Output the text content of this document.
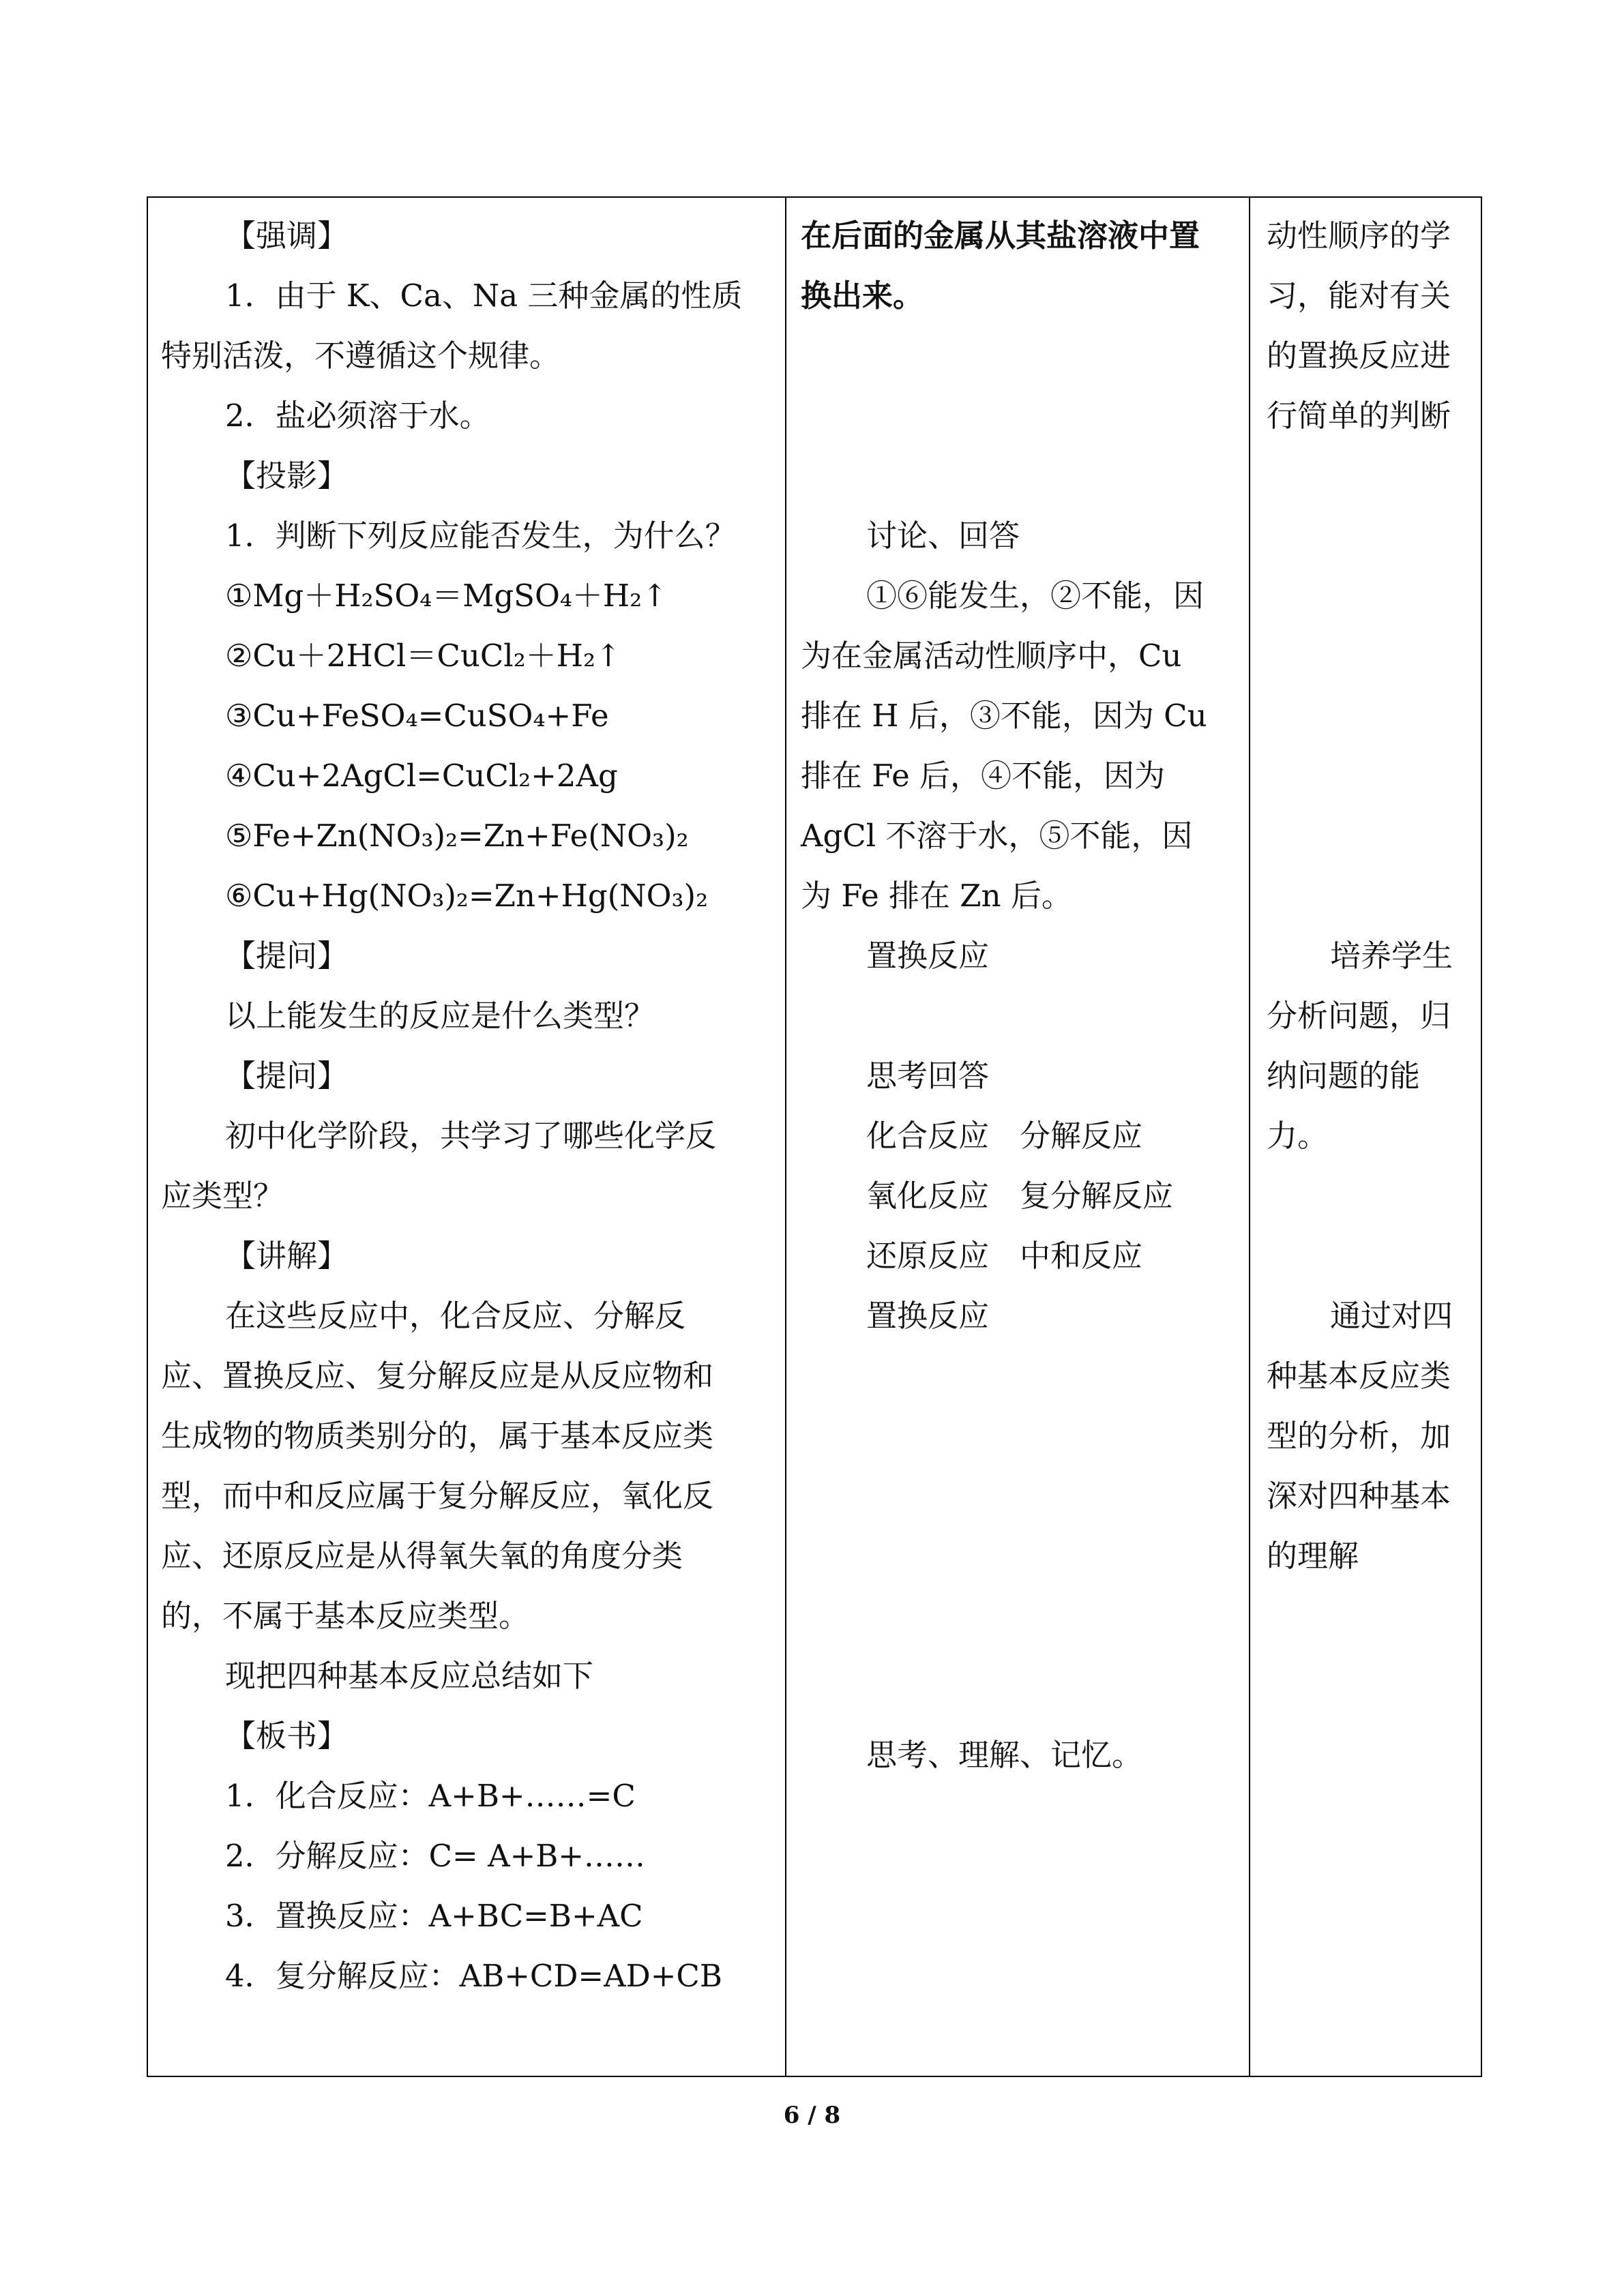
【强调】
1．由于 K、Ca、Na 三种金属的性质
特别活泼，不遵循这个规律。
2．盐必须溶于水。
【投影】
1．判断下列反应能否发生，为什么？
①Mg＋H₂SO₄＝MgSO₄＋H₂↑
②Cu＋2HCl＝CuCl₂＋H₂↑
③Cu+FeSO₄=CuSO₄+Fe
④Cu+2AgCl=CuCl₂+2Ag
⑤Fe+Zn(NO₃)₂=Zn+Fe(NO₃)₂
⑥Cu+Hg(NO₃)₂=Zn+Hg(NO₃)₂
【提问】
以上能发生的反应是什么类型？
【提问】
初中化学阶段，共学习了哪些化学反
应类型？
【讲解】
在这些反应中，化合反应、分解反
应、置换反应、复分解反应是从反应物和
生成物的物质类别分的，属于基本反应类
型，而中和反应属于复分解反应，氧化反
应、还原反应是从得氧失氧的角度分类
的，不属于基本反应类型。
现把四种基本反应总结如下
【板书】
1．化合反应：A+B+……=C
2．分解反应：C= A+B+……
3．置换反应：A+BC=B+AC
4．复分解反应：AB+CD=AD+CB
在后面的金属从其盐溶液中置
换出来。
讨论、回答
①⑥能发生，②不能，因
为在金属活动性顺序中，Cu
排在 H 后，③不能，因为 Cu
排在 Fe 后，④不能，因为
AgCl 不溶于水，⑤不能，因
为 Fe 排在 Zn 后。
置换反应
思考回答
化合反应　分解反应
氧化反应　复分解反应
还原反应　中和反应
置换反应
思考、理解、记忆。
动性顺序的学
习，能对有关
的置换反应进
行简单的判断
培养学生
分析问题，归
纳问题的能
力。
通过对四
种基本反应类
型的分析，加
深对四种基本
的理解
6 / 8
